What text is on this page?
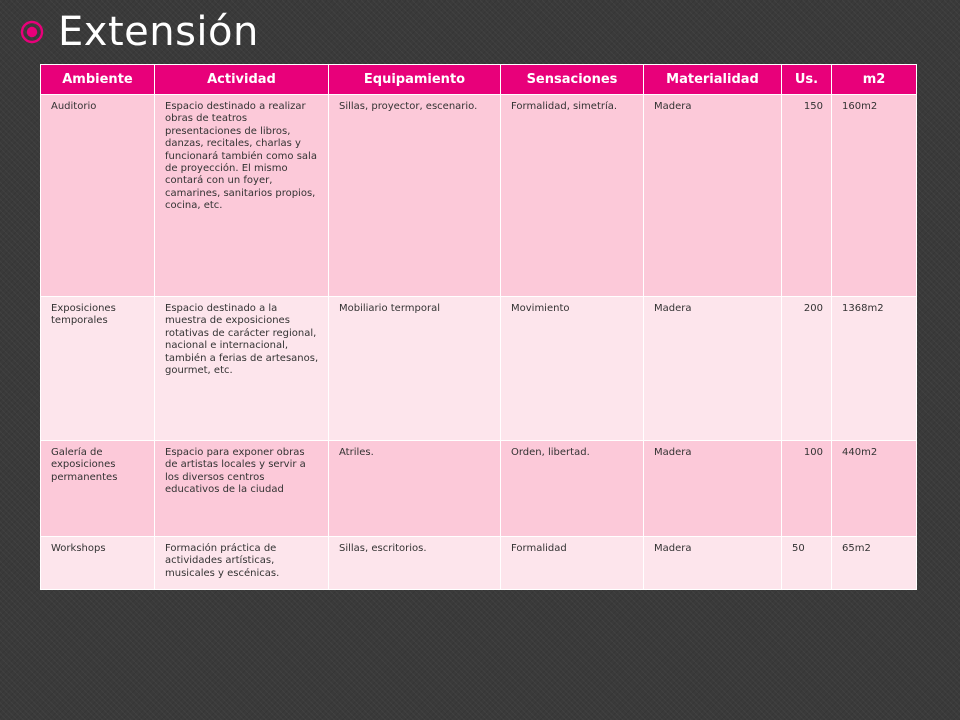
Extensión
Ambiente	Actividad	Equipamiento	Sensaciones	Materialidad	Us.	m2
Auditorio	Espacio destinado a realizar obras de teatros presentaciones de libros, danzas, recitales, charlas y funcionará también como sala de proyección. El mismo contará con un foyer, camarines, sanitarios propios, cocina, etc.	Sillas, proyector, escenario.	Formalidad, simetría.	Madera	150	160m2
Exposiciones temporales	Espacio destinado a la muestra de exposiciones rotativas de carácter regional, nacional e internacional, también a ferias de artesanos, gourmet, etc.	Mobiliario termporal	Movimiento	Madera	200	1368m2
Galería de exposiciones permanentes	Espacio para exponer obras de artistas locales y servir a los diversos centros educativos de la ciudad	Atriles.	Orden, libertad.	Madera	100	440m2
Workshops	Formación práctica de actividades artísticas, musicales y escénicas.	Sillas, escritorios.	Formalidad	Madera	50	65m2
